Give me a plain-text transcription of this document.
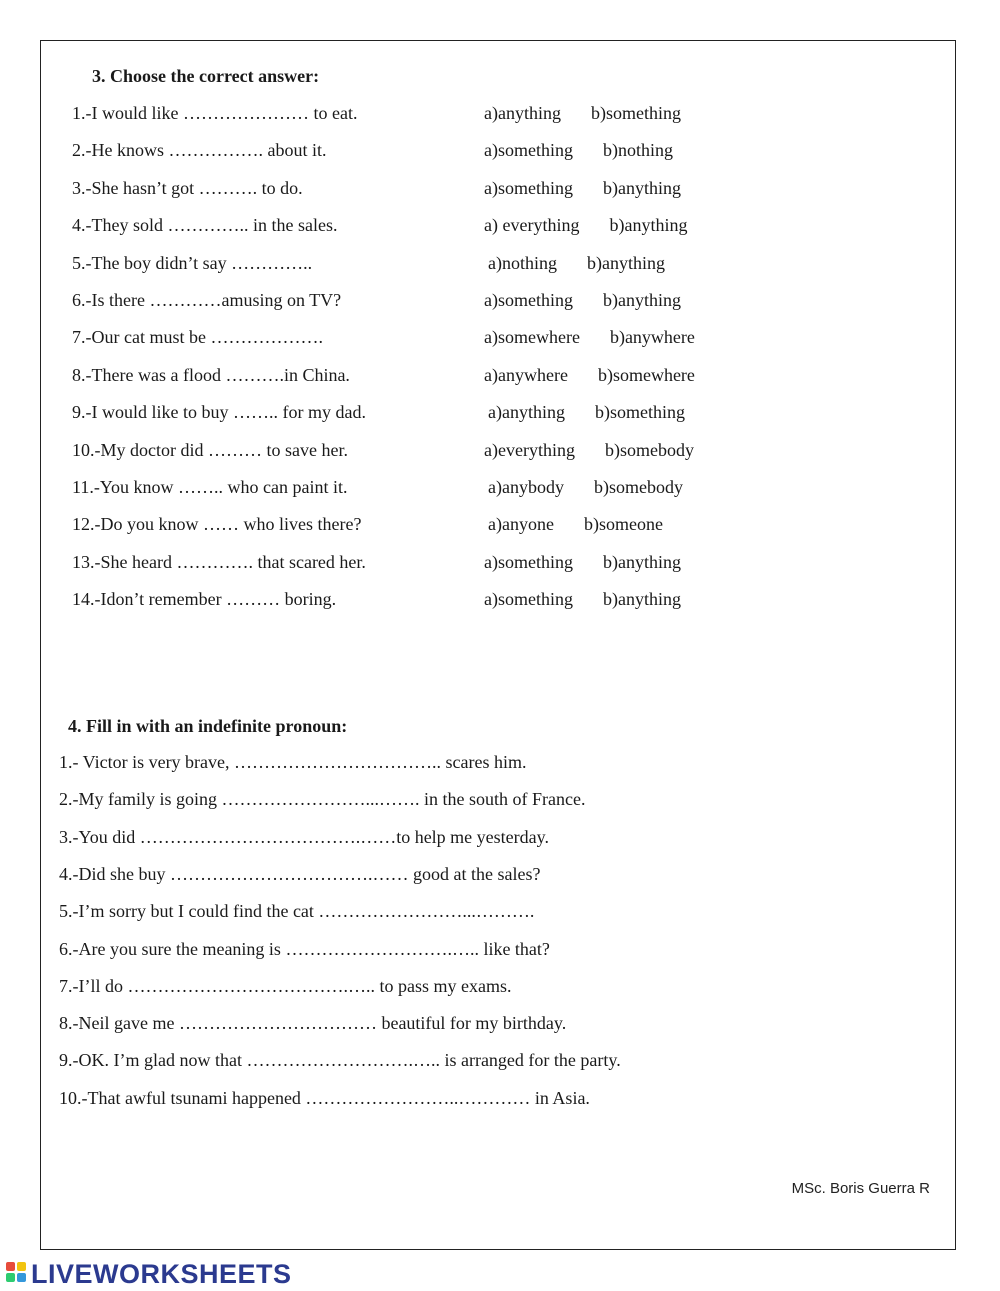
3. Choose the correct answer:
1.-I would like ………………… to eat.	a)anything b)something
2.-He knows ……………. about it.	a)something b)nothing
3.-She hasn’t got ………. to do.	a)something b)anything
4.-They sold ………….. in the sales.	a) everything b)anything
5.-The boy didn’t say …………..	a)nothing b)anything
6.-Is there …………amusing on TV?	a)something b)anything
7.-Our cat must be ……………….	a)somewhere b)anywhere
8.-There was a flood ……….in China.	a)anywhere b)somewhere
9.-I would like to buy …….. for my dad.	a)anything b)something
10.-My doctor did ……… to save her.	a)everything b)somebody
11.-You know …….. who can paint it.	a)anybody b)somebody
12.-Do you know …… who lives there?	a)anyone b)someone
13.-She heard …………. that scared her.	a)something b)anything
14.-Idon’t remember ……… boring.	a)something b)anything
4. Fill in with an indefinite pronoun:
1.- Victor is very brave, …………………………….. scares him.
2.-My family is going ……………………...……. in the south of France.
3.-You did ……………………………….……to help me yesterday.
4.-Did she buy …………………………….…… good at the sales?
5.-I’m sorry but I could find the cat ……………………...……….
6.-Are you sure the meaning is ……………………….….. like that?
7.-I’ll do ……………………………….….. to pass my exams.
8.-Neil gave me …………………………… beautiful for my birthday.
9.-OK. I’m glad now that ……………………….….. is arranged for the party.
10.-That awful tsunami happened ……………………..………… in Asia.
MSc. Boris Guerra R
LIVEWORKSHEETS
